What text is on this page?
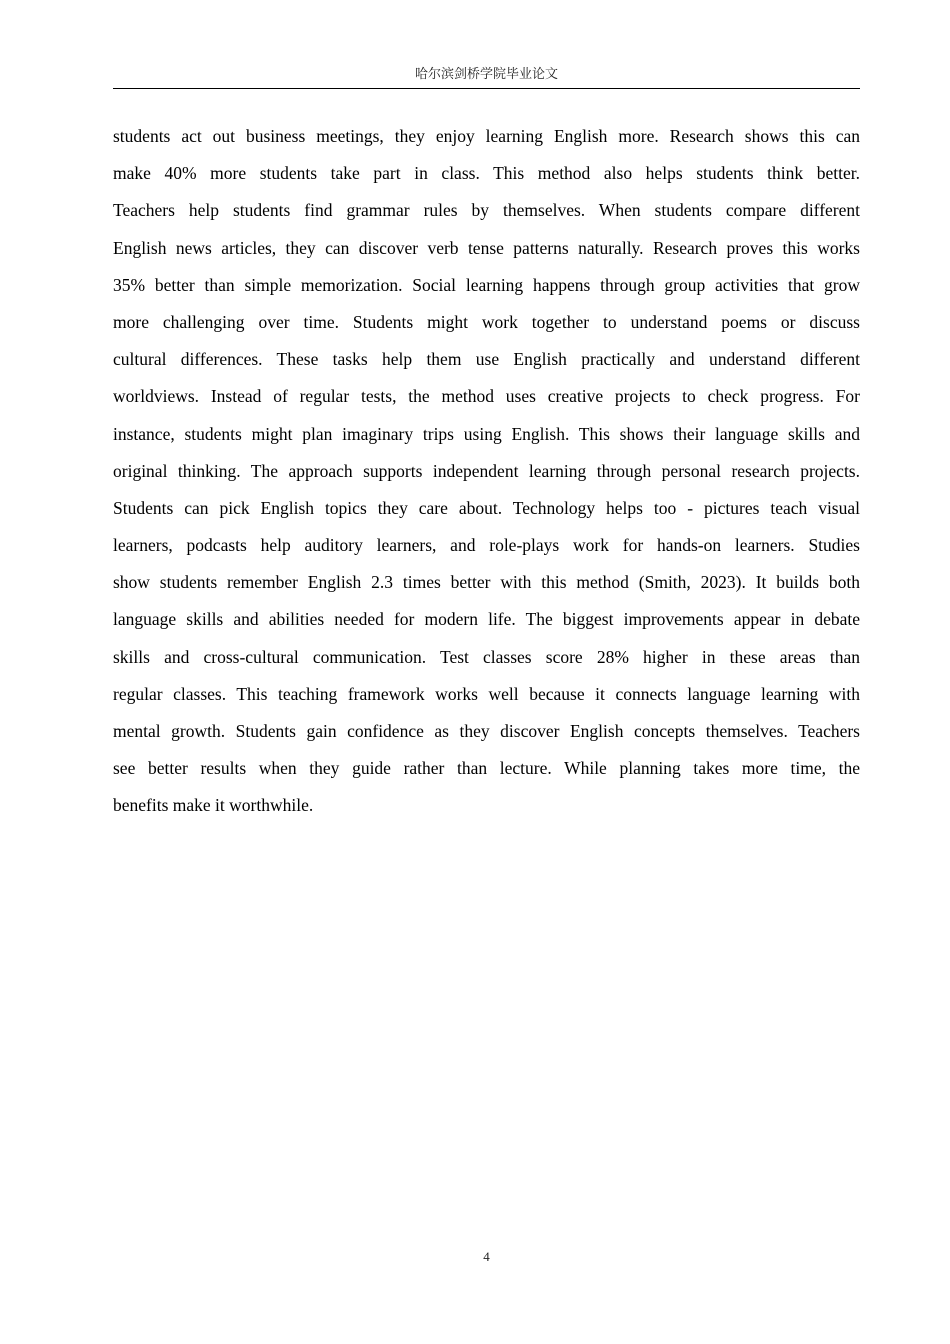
哈尔滨剑桥学院毕业论文
students act out business meetings, they enjoy learning English more. Research shows this can
make 40% more students take part in class. This method also helps students think better.
Teachers help students find grammar rules by themselves. When students compare different
English news articles, they can discover verb tense patterns naturally. Research proves this works
35% better than simple memorization. Social learning happens through group activities that grow
more challenging over time. Students might work together to understand poems or discuss
cultural differences. These tasks help them use English practically and understand different
worldviews. Instead of regular tests, the method uses creative projects to check progress. For
instance, students might plan imaginary trips using English. This shows their language skills and
original thinking. The approach supports independent learning through personal research projects.
Students can pick English topics they care about. Technology helps too - pictures teach visual
learners, podcasts help auditory learners, and role-plays work for hands-on learners. Studies
show students remember English 2.3 times better with this method (Smith, 2023). It builds both
language skills and abilities needed for modern life. The biggest improvements appear in debate
skills and cross-cultural communication. Test classes score 28% higher in these areas than
regular classes. This teaching framework works well because it connects language learning with
mental growth. Students gain confidence as they discover English concepts themselves. Teachers
see better results when they guide rather than lecture. While planning takes more time, the
benefits make it worthwhile.
4
